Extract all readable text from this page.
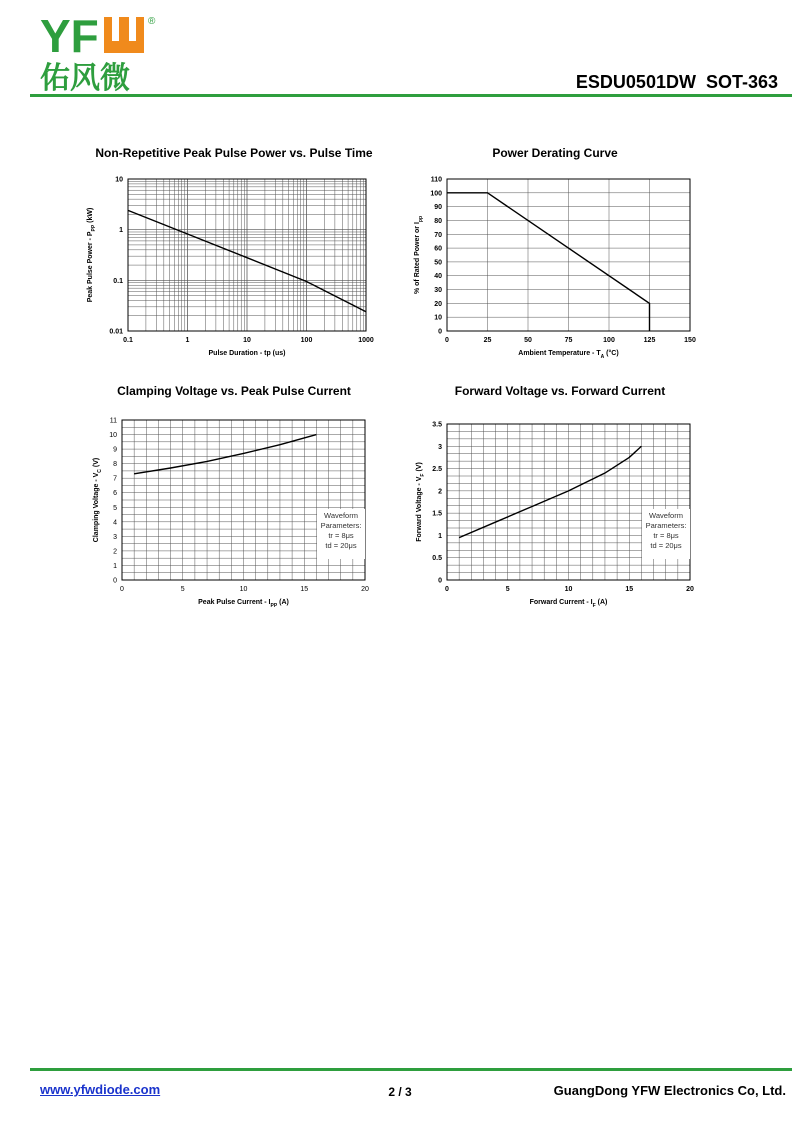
YF	®
佑风微	ESDU0501DW SOT-363
Non-Repetitive Peak Pulse Power vs. Pulse Time	Power Derating Curve
Clamping Voltage vs. Peak Pulse Current	Forward Voltage vs. Forward Current
0.1	1	10	100	1000
0.01
0.1
1
10
Pulse Duration - tp (us)
Peak Pulse Power - $P_{PP}$ (kW)
0	25	50	75	100	125	150
0
10
20
30
40
50
60
70
80
90
100
110
Ambient Temperature - $T_A$ (°C)
% of Rated Power or $I_{pp}$
0	5	10	15	20
0
1
2
3
4
5
6
7
8
9
10
11
Peak Pulse Current - $I_{PP}$ (A)
Clamping Voltage - $V_C$ (V)
Waveform
Parameters:
tr = 8μs
td = 20μs
0	5	10	15	20
0
0.5
1
1.5
2
2.5
3
3.5
Forward Current - $I_F$ (A)
Forward Voltage - $V_F$ (V)
Waveform
Parameters:
tr = 8μs
td = 20μs
www.yfwdiode.com	2 / 3	GuangDong YFW Electronics Co, Ltd.
